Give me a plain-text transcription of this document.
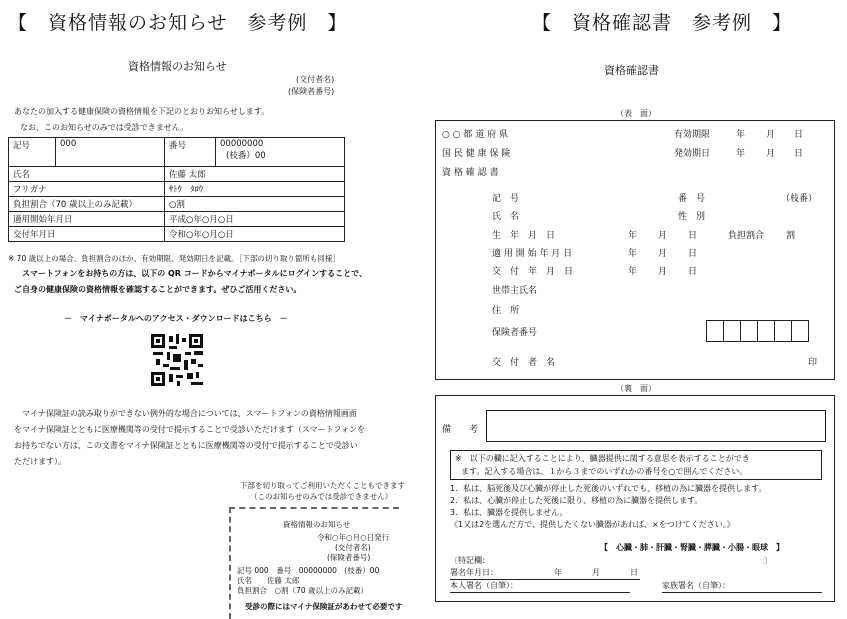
【　資格情報のお知らせ　参考例　】
資格情報のお知らせ
(交付者名)
(保険者番号)
あなたの加入する健康保険の資格情報を下記のとおりお知らせします。
なお、このお知らせのみでは受診できません。
記号	000	番号	00000000
(枝番）00

氏名		佐藤 太郎	
フリガナ		ｻﾄｳ　ﾀﾛｳ	
負担割合（70 歳以上のみ記載）		○割	
適用開始年月日		平成○年○月○日	
交付年月日		令和○年○月○日	
※ 70 歳以上の場合、負担割合のほか、有効期限、発効期日を記載。［下部の切り取り箇所も同様］
スマートフォンをお持ちの方は、以下の QR コードからマイナポータルにログインすることで、
ご自身の健康保険の資格情報を確認することができます。ぜひご活用ください。
－　マイナポータルへのアクセス・ダウンロードはこちら　－
マイナ保険証の読み取りができない例外的な場合については、スマートフォンの資格情報画面
をマイナ保険証とともに医療機関等の受付で提示することで受診いただけます（スマートフォンを
お持ちでない方は、この文書をマイナ保険証とともに医療機関等の受付で提示することで受診い
ただけます）。
下部を切り取ってご利用いただくこともできます
（このお知らせのみでは受診できません）
資格情報のお知らせ
令和○年○月○日発行
(交付者名)
(保険者番号)
記号 000　番号　00000000　(枝番）00
氏名　　佐藤 太郎
負担割合　○割（70 歳以上のみ記載）
受診の際にはマイナ保険証があわせて必要です
【　資格確認書　参考例　】
資格確認書
（表　面）
○ ○ 都 道 府 県
国 民 健 康 保 険
資 格 確 認 書
有効期限	年 月 日
発効期日	年 月 日
記　号	番　号	（枝番）
氏　名	性　別
生　年　月　日	年 月 日	負担割合 割
適 用 開 始 年 月 日	年 月 日
交　付　年　月　日	年 月 日
世帯主氏名
住　所
保険者番号
交　付　者　名	印
（裏　面）
備　　考
※　以下の欄に記入することにより、臓器提供に関する意思を表示することができ
ます。記入する場合は、１から３までのいずれかの番号を○で囲んでください。
1．私は、脳死後及び心臓が停止した死後のいずれでも、移植の為に臓器を提供します。
2．私は、心臓が停止した死後に限り、移植の為に臓器を提供します。
3．私は、臓器を提供しません。
《1又は2を選んだ方で、提供したくない臓器があれば、×をつけてください。》
【　心臓・肺・肝臓・腎臓・膵臓・小腸・眼球　】
〔特記欄：	〕
署名年月日：	年	月	日
本人署名（自筆）：	家族署名（自筆）：
